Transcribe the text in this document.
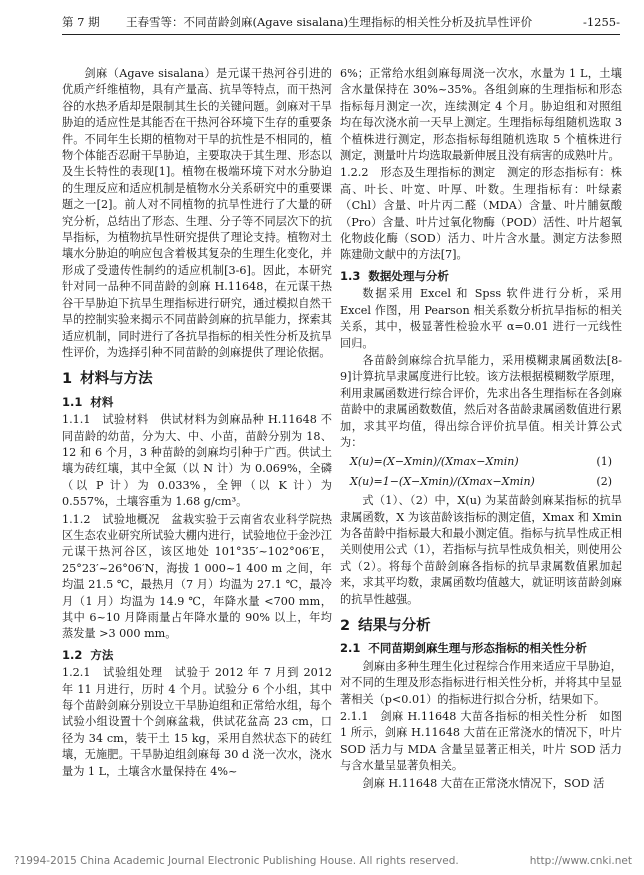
第 7 期 王春雪等：不同苗龄剑麻(Agave sisalana)生理指标的相关性分析及抗旱性评价	-1255-

剑麻（Agave sisalana）是元谋干热河谷引进的优质产纤维植物，具有产量高、抗旱等特点，而干热河谷的水热矛盾却是限制其生长的关键问题。剑麻对干旱胁迫的适应性是其能否在干热河谷环境下生存的重要条件。不同年生长期的植物对干旱的抗性是不相同的，植物个体能否忍耐干旱胁迫，主要取决于其生理、形态以及生长特性的表现[1]。植物在极端环境下对水分胁迫的生理反应和适应机制是植物水分关系研究中的重要课题之一[2]。前人对不同植物的抗旱性进行了大量的研究分析，总结出了形态、生理、分子等不同层次下的抗旱指标，为植物抗旱性研究提供了理论支持。植物对土壤水分胁迫的响应包含着极其复杂的生理生化变化，并形成了受遗传性制约的适应机制[3-6]。因此，本研究针对同一品种不同苗龄的剑麻 H.11648，在元谋干热谷干旱胁迫下抗旱生理指标进行研究，通过模拟自然干旱的控制实验来揭示不同苗龄剑麻的抗旱能力，探索其适应机制，同时进行了各抗旱指标的相关性分析及抗旱性评价，为选择引种不同苗龄的剑麻提供了理论依据。

1 材料与方法
1.1 材料

1.1.1　试验材料　供试材料为剑麻品种 H.11648 不同苗龄的幼苗，分为大、中、小苗，苗龄分别为 18、12 和 6 个月，3 种苗龄的剑麻均引种于广西。供试土壤为砖红壤，其中全氮（以 N 计）为 0.069%，全磷（以 P 计）为 0.033%，全钾（以 K 计）为 0.557%，土壤容重为 1.68 g/cm³。

1.1.2　试验地概况　盆栽实验于云南省农业科学院热区生态农业研究所试验大棚内进行，试验地位于金沙江元谋干热河谷区，该区地处 101°35′~102°06′E，25°23′~26°06′N，海拔 1 000~1 400 m 之间，年均温 21.5 ℃，最热月（7 月）均温为 27.1 ℃，最冷月（1 月）均温为 14.9 ℃，年降水量 <700 mm，其中 6~10 月降雨量占年降水量的 90% 以上，年均蒸发量 >3 000 mm。

1.2 方法

1.2.1　试验组处理　试验于 2012 年 7 月到 2012 年 11 月进行，历时 4 个月。试验分 6 个小组，其中每个苗龄剑麻分别设立干旱胁迫组和正常给水组，每个试验小组设置十个剑麻盆栽，供试花盆高 23 cm，口径为 34 cm，装干土 15 kg，采用自然状态下的砖红壤，无施肥。干旱胁迫组剑麻每 30 d 浇一次水，浇水量为 1 L，土壤含水量保持在 4%~

6%；正常给水组剑麻每周浇一次水，水量为 1 L，土壤含水量保持在 30%~35%。各组剑麻的生理指标和形态指标每月测定一次，连续测定 4 个月。胁迫组和对照组均在每次浇水前一天早上测定。生理指标每组随机选取 3 个植株进行测定，形态指标每组随机选取 5 个植株进行测定，测量叶片均选取最新伸展且没有病害的成熟叶片。

1.2.2　形态及生理指标的测定　测定的形态指标有：株高、叶长、叶宽、叶厚、叶数。生理指标有：叶绿素（Chl）含量、叶片丙二醛（MDA）含量、叶片脯氨酸（Pro）含量、叶片过氧化物酶（POD）活性、叶片超氧化物歧化酶（SOD）活力、叶片含水量。测定方法参照陈建勋文献中的方法[7]。

1.3 数据处理与分析

数据采用 Excel 和 Spss 软件进行分析，采用 Excel 作图，用 Pearson 相关系数分析抗旱指标的相关关系，其中，极显著性检验水平 α=0.01 进行一元线性回归。

各苗龄剑麻综合抗旱能力，采用模糊隶属函数法[8-9]计算抗旱隶属度进行比较。该方法根据模糊数学原理，利用隶属函数进行综合评价，先求出各生理指标在各剑麻苗龄中的隶属函数数值，然后对各苗龄隶属函数值进行累加，求其平均值，得出综合评价抗旱值。相关计算公式为：

X(u)=(X−Xmin)/(Xmax−Xmin)	(1)
X(u)=1−(X−Xmin)/(Xmax−Xmin)	(2)

式（1）、（2）中，X(u) 为某苗龄剑麻某指标的抗旱隶属函数，X 为该苗龄该指标的测定值，Xmax 和 Xmin 为各苗龄中指标最大和最小测定值。指标与抗旱性成正相关则使用公式（1），若指标与抗旱性成负相关，则使用公式（2）。将每个苗龄剑麻各指标的抗旱隶属数值累加起来，求其平均数，隶属函数均值越大，就证明该苗龄剑麻的抗旱性越强。

2 结果与分析
2.1 不同苗期剑麻生理与形态指标的相关性分析

剑麻由多种生理生化过程综合作用来适应干旱胁迫，对不同的生理及形态指标进行相关性分析，并将其中呈显著相关（p<0.01）的指标进行拟合分析，结果如下。

2.1.1　剑麻 H.11648 大苗各指标的相关性分析　如图 1 所示，剑麻 H.11648 大苗在正常浇水的情况下，叶片 SOD 活力与 MDA 含量呈显著正相关，叶片 SOD 活力与含水量呈显著负相关。

剑麻 H.11648 大苗在正常浇水情况下，SOD 活

?1994-2015 China Academic Journal Electronic Publishing House. All rights reserved.	http://www.cnki.net
